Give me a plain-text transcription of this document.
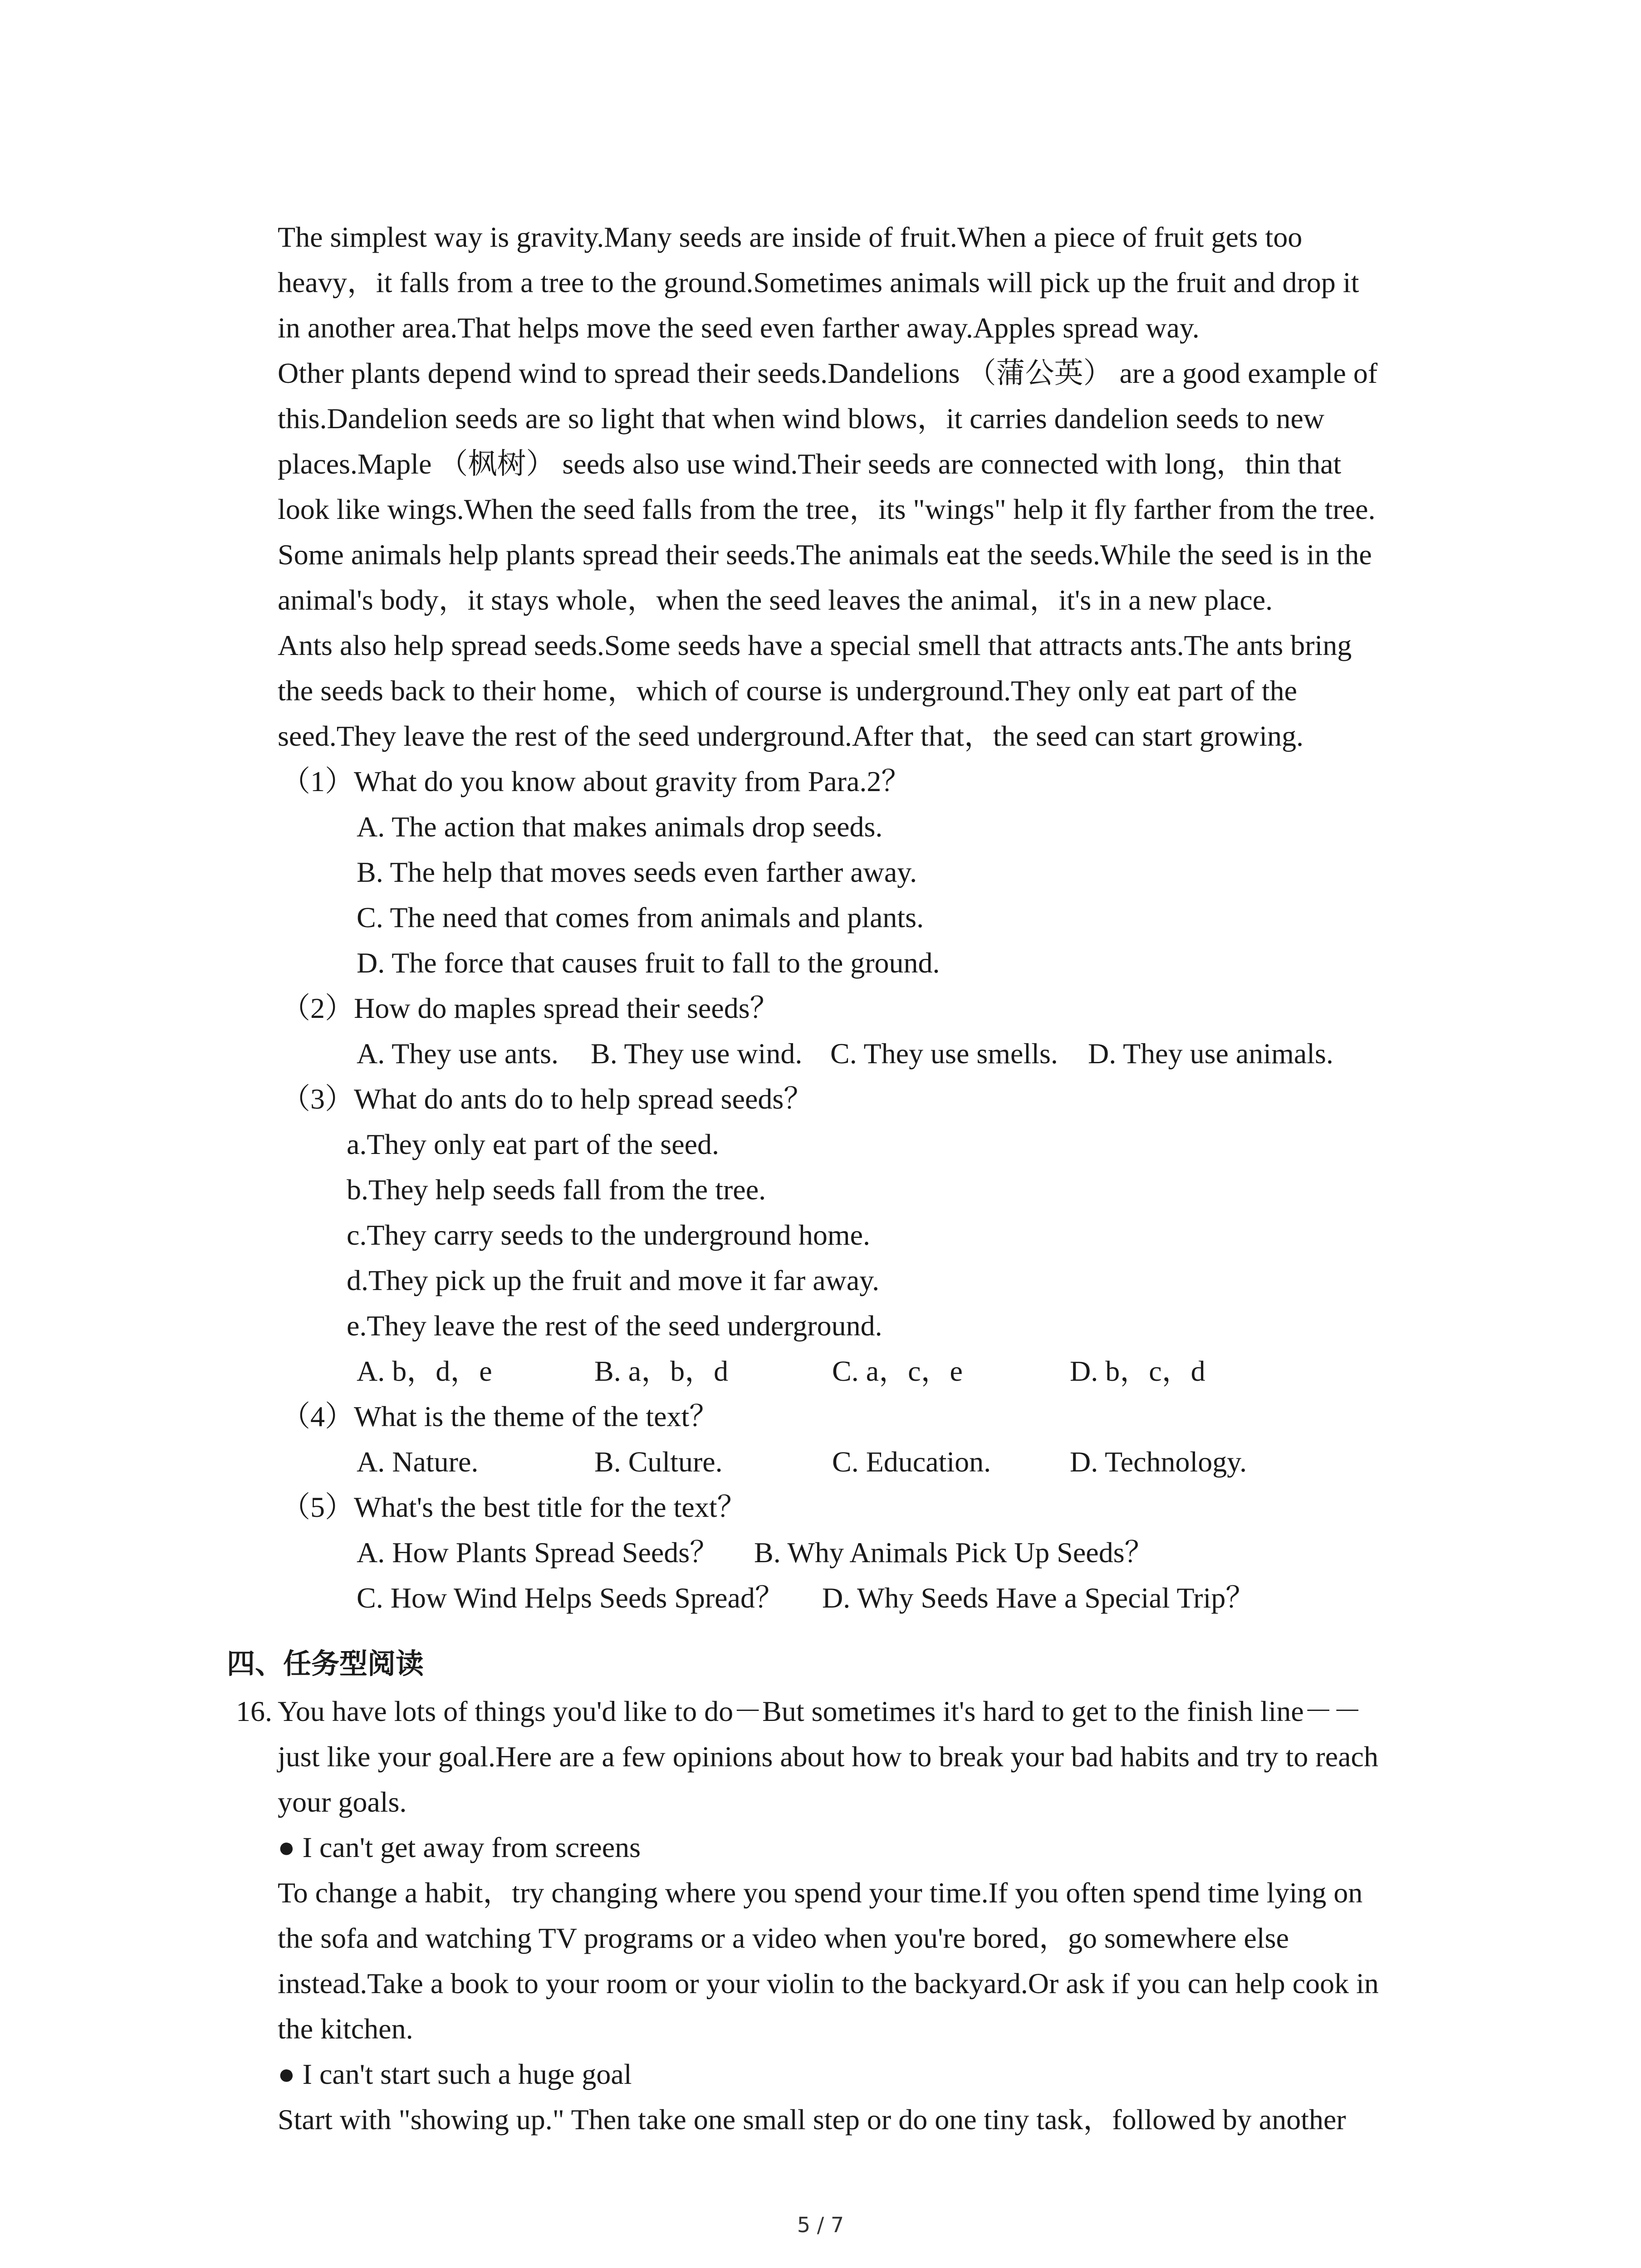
The simplest way is gravity.Many seeds are inside of fruit.When a piece of fruit gets too
heavy，it falls from a tree to the ground.Sometimes animals will pick up the fruit and drop it
in another area.That helps move the seed even farther away.Apples spread way.
Other plants depend wind to spread their seeds.Dandelions （蒲公英） are a good example of
this.Dandelion seeds are so light that when wind blows，it carries dandelion seeds to new
places.Maple （枫树） seeds also use wind.Their seeds are connected with long，thin that
look like wings.When the seed falls from the tree，its "wings" help it fly farther from the tree.
Some animals help plants spread their seeds.The animals eat the seeds.While the seed is in the
animal's body，it stays whole，when the seed leaves the animal，it's in a new place.
Ants also help spread seeds.Some seeds have a special smell that attracts ants.The ants bring
the seeds back to their home，which of course is underground.They only eat part of the
seed.They leave the rest of the seed underground.After that，the seed can start growing.
（1）What do you know about gravity from Para.2？
A. The action that makes animals drop seeds.
B. The help that moves seeds even farther away.
C. The need that comes from animals and plants.
D. The force that causes fruit to fall to the ground.
（2）How do maples spread their seeds？
A. They use ants. B. They use wind. C. They use smells. D. They use animals.
（3）What do ants do to help spread seeds？
a.They only eat part of the seed.
b.They help seeds fall from the tree.
c.They carry seeds to the underground home.
d.They pick up the fruit and move it far away.
e.They leave the rest of the seed underground.
A. b，d，e	B. a，b，d	C. a，c，e	D. b，c，d
（4）What is the theme of the text？
A. Nature.	B. Culture.	C. Education.	D. Technology.
（5）What's the best title for the text？
A. How Plants Spread Seeds？ B. Why Animals Pick Up Seeds？
C. How Wind Helps Seeds Spread？ D. Why Seeds Have a Special Trip？
四、任务型阅读
16. You have lots of things you'd like to do－But sometimes it's hard to get to the finish line－－
just like your goal.Here are a few opinions about how to break your bad habits and try to reach
your goals.
● I can't get away from screens
To change a habit，try changing where you spend your time.If you often spend time lying on
the sofa and watching TV programs or a video when you're bored，go somewhere else
instead.Take a book to your room or your violin to the backyard.Or ask if you can help cook in
the kitchen.
● I can't start such a huge goal
Start with "showing up." Then take one small step or do one tiny task，followed by another
5 / 7
